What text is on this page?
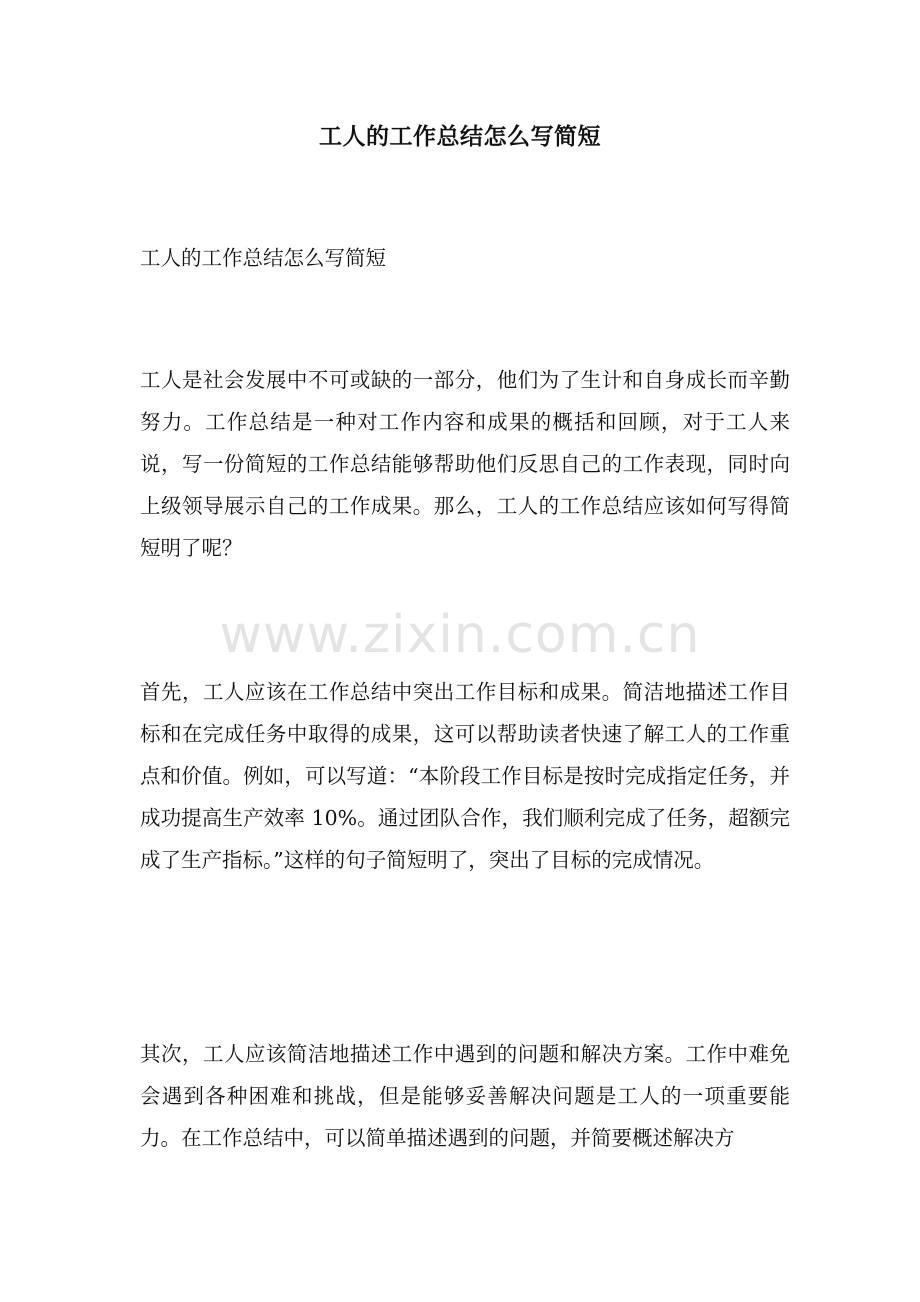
www.zixin.com.cn
工人的工作总结怎么写简短
工人的工作总结怎么写简短

工人是社会发展中不可或缺的一部分，他们为了生计和自身成长而辛勤努力。工作总结是一种对工作内容和成果的概括和回顾，对于工人来说，写一份简短的工作总结能够帮助他们反思自己的工作表现，同时向上级领导展示自己的工作成果。那么，工人的工作总结应该如何写得简短明了呢？

首先，工人应该在工作总结中突出工作目标和成果。简洁地描述工作目标和在完成任务中取得的成果，这可以帮助读者快速了解工人的工作重点和价值。例如，可以写道：“本阶段工作目标是按时完成指定任务，并成功提高生产效率 10%。通过团队合作，我们顺利完成了任务，超额完成了生产指标。”这样的句子简短明了，突出了目标的完成情况。

其次，工人应该简洁地描述工作中遇到的问题和解决方案。工作中难免会遇到各种困难和挑战，但是能够妥善解决问题是工人的一项重要能力。在工作总结中，可以简单描述遇到的问题，并简要概述解决方
